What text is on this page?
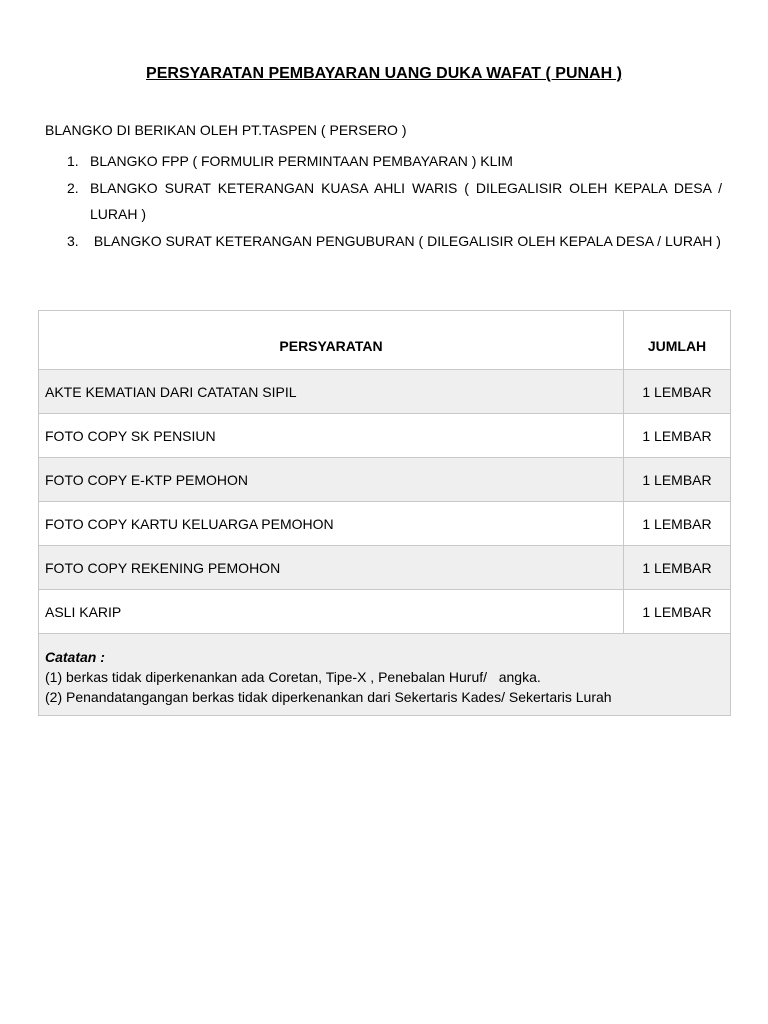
PERSYARATAN PEMBAYARAN UANG DUKA WAFAT ( PUNAH )
BLANGKO DI BERIKAN OLEH PT.TASPEN ( PERSERO )
1. BLANGKO FPP ( FORMULIR PERMINTAAN PEMBAYARAN ) KLIM
2. BLANGKO SURAT KETERANGAN KUASA AHLI WARIS ( DILEGALISIR OLEH KEPALA DESA / LURAH )
3. BLANGKO SURAT KETERANGAN PENGUBURAN ( DILEGALISIR OLEH KEPALA DESA / LURAH )
PERSYARATAN	JUMLAH
AKTE KEMATIAN DARI CATATAN SIPIL	1 LEMBAR
FOTO COPY SK PENSIUN	1 LEMBAR
FOTO COPY E-KTP PEMOHON	1 LEMBAR
FOTO COPY KARTU KELUARGA PEMOHON	1 LEMBAR
FOTO COPY REKENING PEMOHON	1 LEMBAR
ASLI KARIP	1 LEMBAR

Catatan :
(1) berkas tidak diperkenankan ada Coretan, Tipe-X , Penebalan Huruf/   angka.
(2) Penandatangangan berkas tidak diperkenankan dari Sekertaris Kades/ Sekertaris Lurah	
